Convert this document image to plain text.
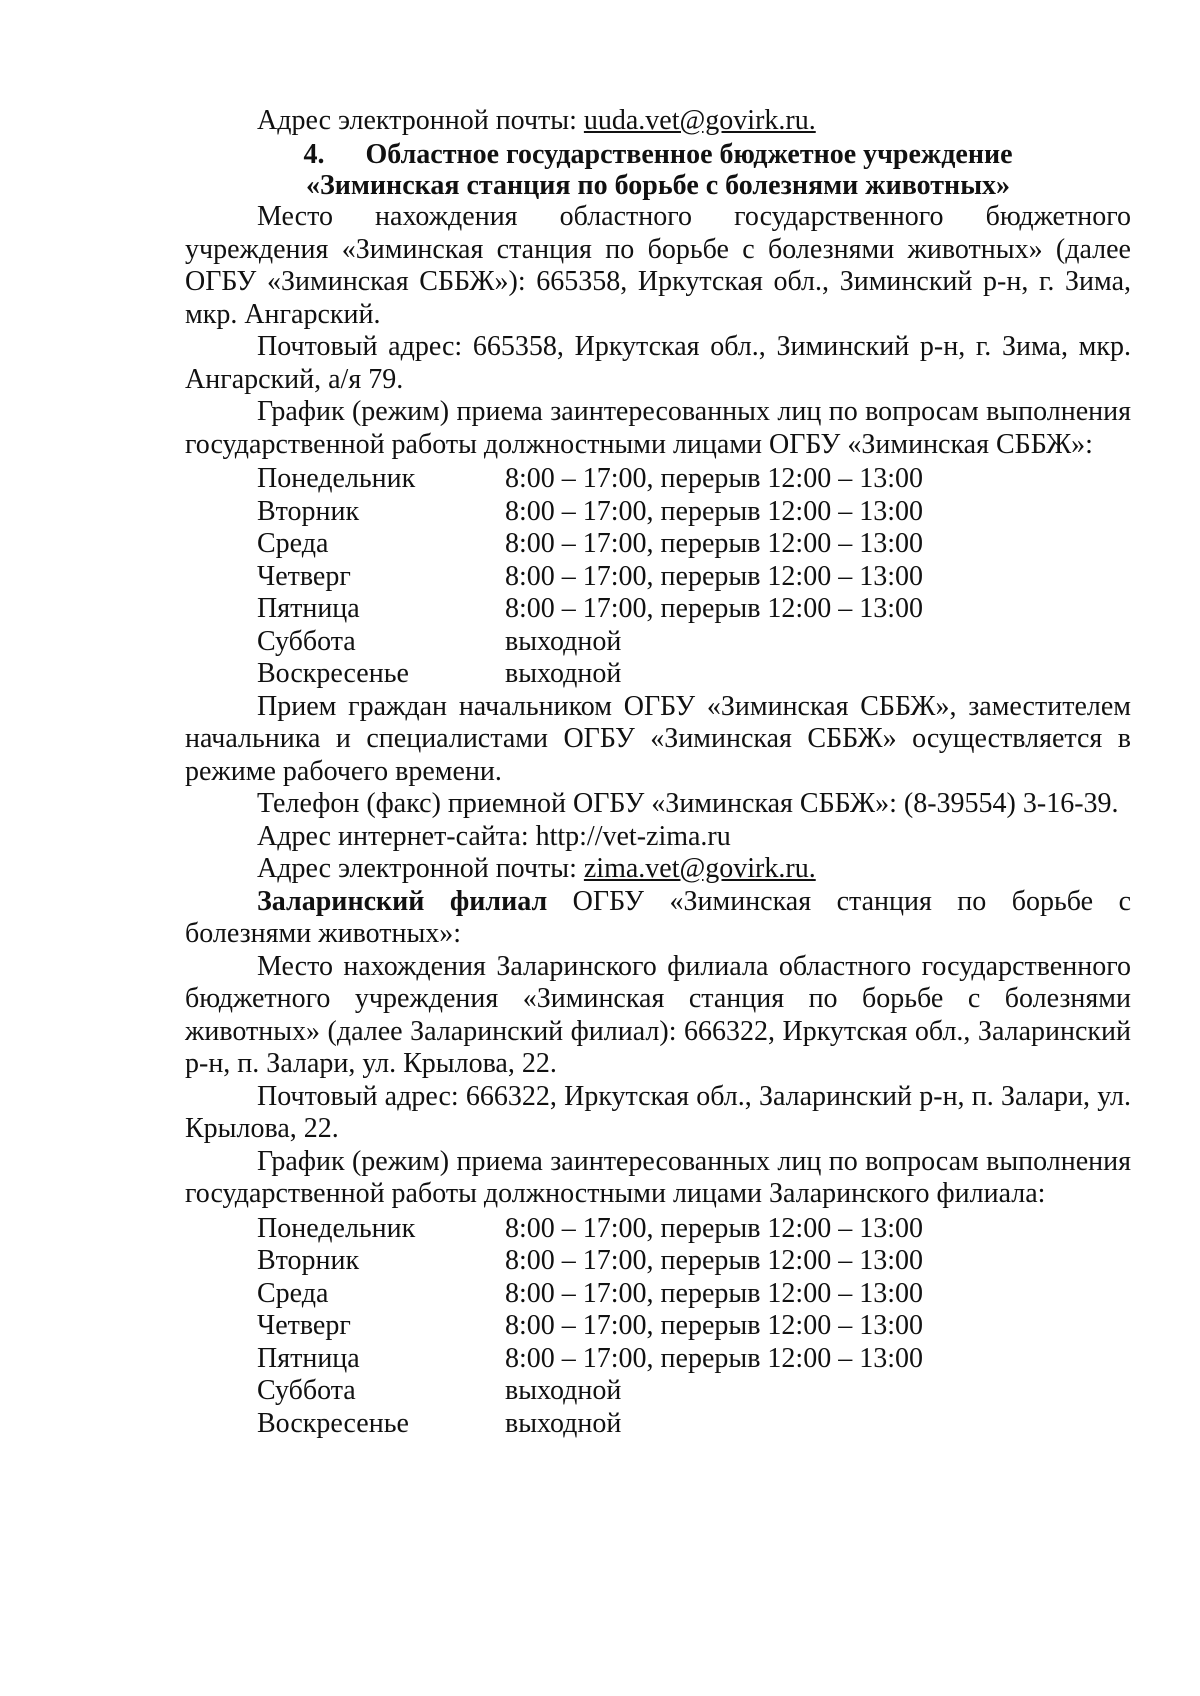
Адрес электронной почты: uuda.vet@govirk.ru.
4. Областное государственное бюджетное учреждение
«Зиминская станция по борьбе с болезнями животных»

Место нахождения областного государственного бюджетного учреждения «Зиминская станция по борьбе с болезнями животных» (далее ОГБУ «Зиминская СББЖ»): 665358, Иркутская обл., Зиминский р-н, г. Зима, мкр. Ангарский.

Почтовый адрес: 665358, Иркутская обл., Зиминский р-н, г. Зима, мкр. Ангарский, а/я 79.

График (режим) приема заинтересованных лиц по вопросам выполнения государственной работы должностными лицами ОГБУ «Зиминская СББЖ»:

Понедельник	8:00 – 17:00, перерыв 12:00 – 13:00
Вторник	8:00 – 17:00, перерыв 12:00 – 13:00
Среда	8:00 – 17:00, перерыв 12:00 – 13:00
Четверг	8:00 – 17:00, перерыв 12:00 – 13:00
Пятница	8:00 – 17:00, перерыв 12:00 – 13:00
Суббота	выходной
Воскресенье	выходной

Прием граждан начальником ОГБУ «Зиминская СББЖ», заместителем начальника и специалистами ОГБУ «Зиминская СББЖ» осуществляется в режиме рабочего времени.

Телефон (факс) приемной ОГБУ «Зиминская СББЖ»: (8-39554) 3-16-39.

Адрес интернет-сайта: http://vet-zima.ru
Адрес электронной почты: zima.vet@govirk.ru.

Заларинский филиал ОГБУ «Зиминская станция по борьбе с болезнями животных»:

Место нахождения Заларинского филиала областного государственного бюджетного учреждения «Зиминская станция по борьбе с болезнями животных» (далее Заларинский филиал): 666322, Иркутская обл., Заларинский р-н, п. Залари, ул. Крылова, 22.

Почтовый адрес: 666322, Иркутская обл., Заларинский р-н, п. Залари, ул. Крылова, 22.

График (режим) приема заинтересованных лиц по вопросам выполнения государственной работы должностными лицами Заларинского филиала:

Понедельник	8:00 – 17:00, перерыв 12:00 – 13:00
Вторник	8:00 – 17:00, перерыв 12:00 – 13:00
Среда	8:00 – 17:00, перерыв 12:00 – 13:00
Четверг	8:00 – 17:00, перерыв 12:00 – 13:00
Пятница	8:00 – 17:00, перерыв 12:00 – 13:00
Суббота	выходной
Воскресенье	выходной
